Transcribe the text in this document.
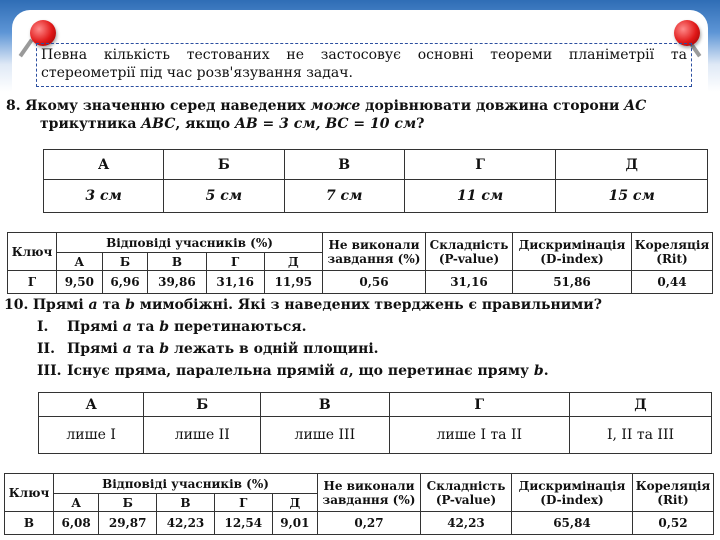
Певна кількість тестованих не застосовує основні теореми планіметрії та стереометрії під час розв'язування задач.
8. Якому значенню серед наведених може дорівнювати довжина сторони AC
трикутника ABC, якщо AB = 3 см, BC = 10 см?
А	Б	В	Г	Д
3 см	5 см	7 см	11 см	15 см
Ключ	Відповіді учасників (%)					Не виконали завдання (%)	Складність (P-value)	Дискримінація (D-index)	Кореляція (Rit)
	А	Б	В	Г	Д				
Г	9,50	6,96	39,86	31,16	11,95	0,56	31,16	51,86	0,44
10. Прямі a та b мимобіжні. Які з наведених тверджень є правильними?
I. Прямі a та b перетинаються.
II. Прямі a та b лежать в одній площині.
III. Існує пряма, паралельна прямій a, що перетинає пряму b.
А	Б	В	Г	Д
лише I	лише II	лише III	лише I та II	I, II та III
Ключ	Відповіді учасників (%)					Не виконали завдання (%)	Складність (P-value)	Дискримінація (D-index)	Кореляція (Rit)
	А	Б	В	Г	Д				
В	6,08	29,87	42,23	12,54	9,01	0,27	42,23	65,84	0,52
